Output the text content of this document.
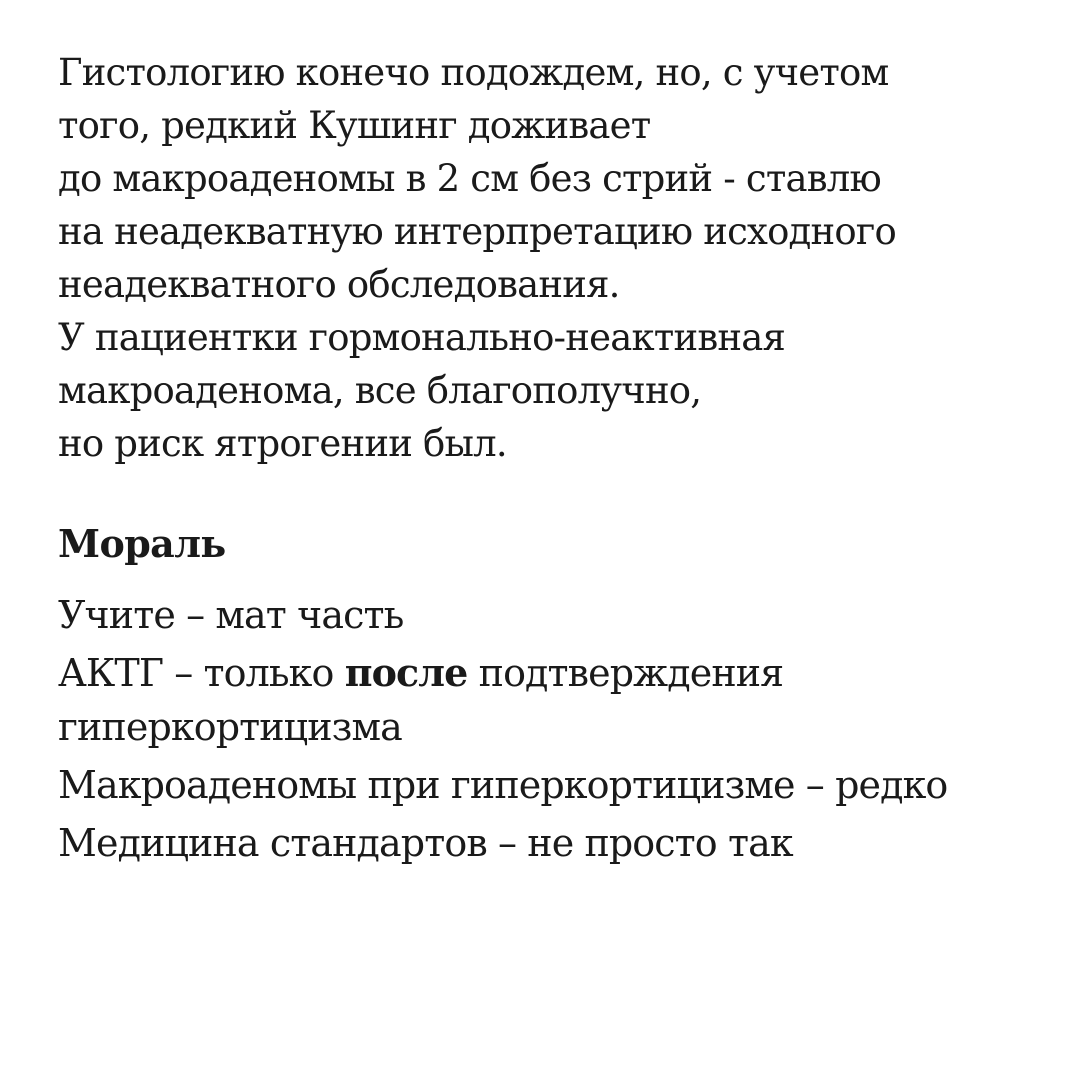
Гистологию конечо подождем, но, с учетом
того, редкий Кушинг доживает
до макроаденомы в 2 см без стрий - ставлю
на неадекватную интерпретацию исходного
неадекватного обследования.
У пациентки гормонально-неактивная
макроаденома, все благополучно,
но риск ятрогении был.
Мораль
Учите – мат часть
АКТГ – только после подтверждения
гиперкортицизма
Макроаденомы при гиперкортицизме – редко
Медицина стандартов – не просто так
